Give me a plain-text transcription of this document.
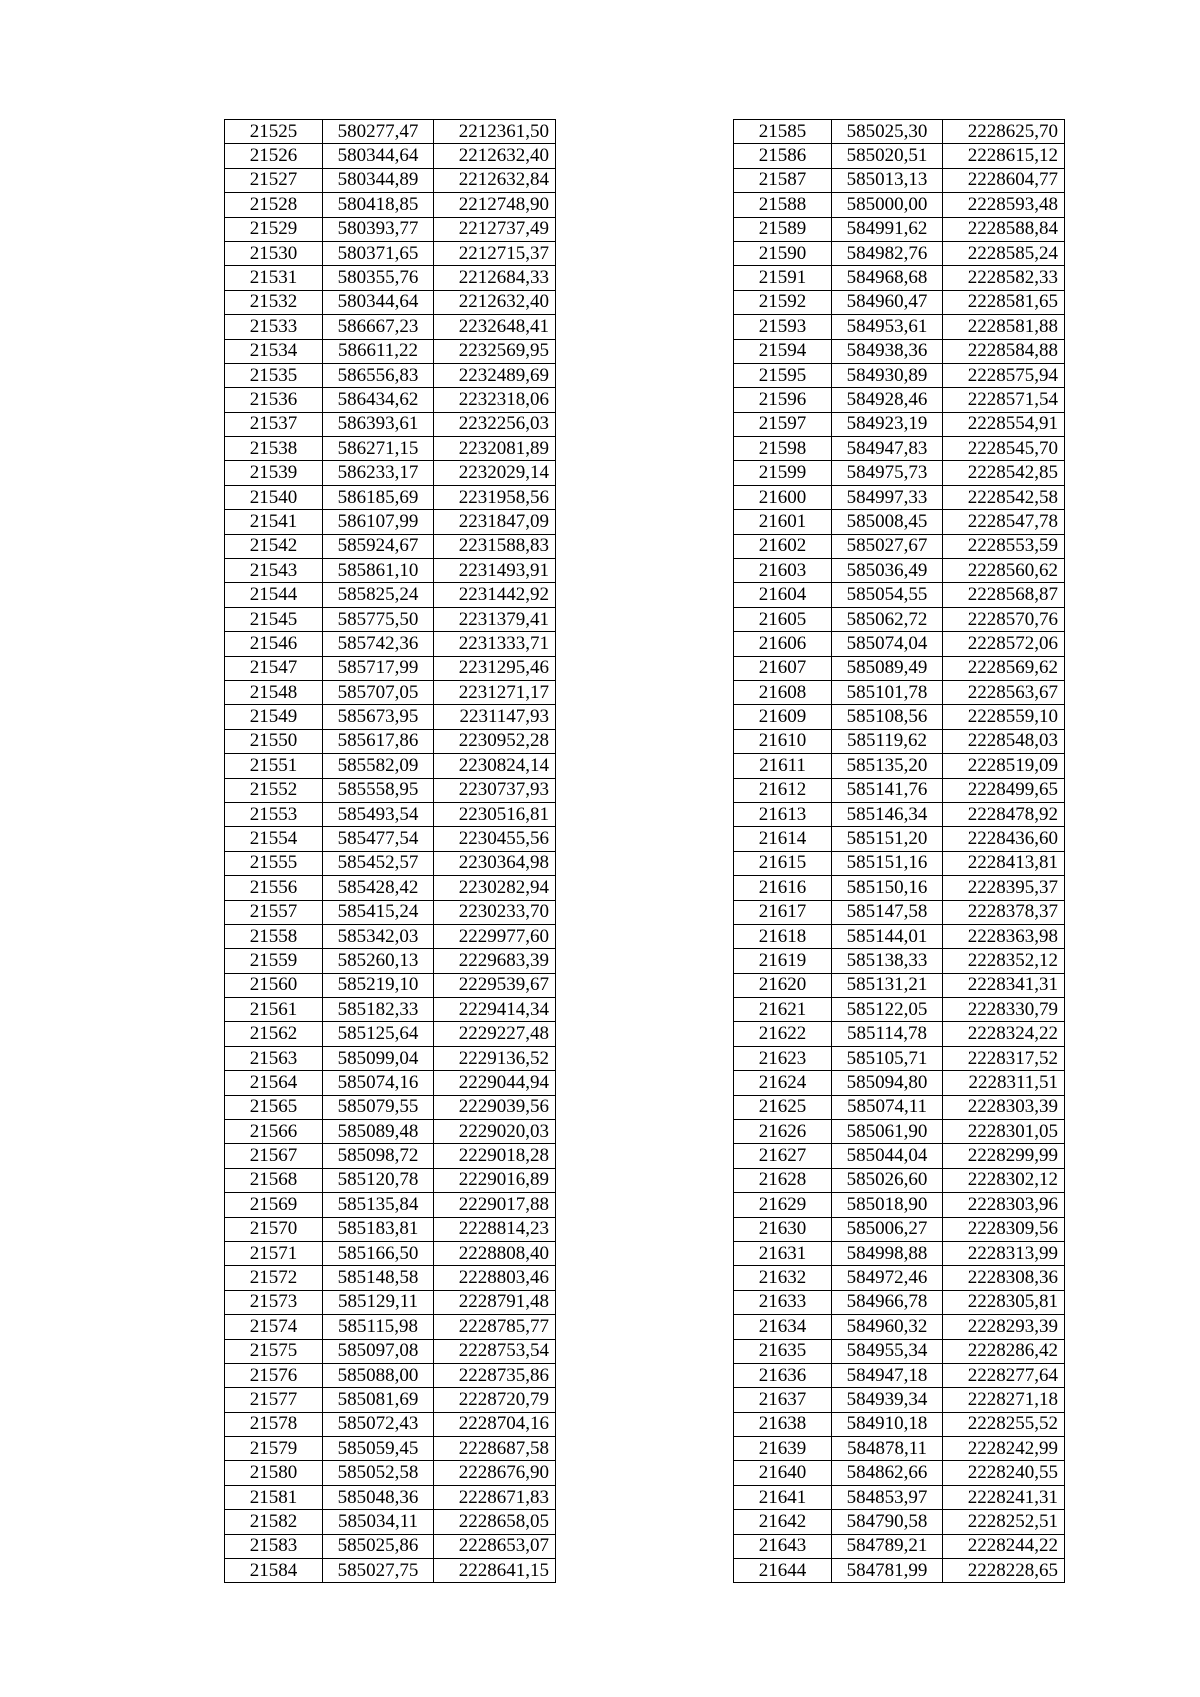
21525	580277,47	2212361,50
21526	580344,64	2212632,40
21527	580344,89	2212632,84
21528	580418,85	2212748,90
21529	580393,77	2212737,49
21530	580371,65	2212715,37
21531	580355,76	2212684,33
21532	580344,64	2212632,40
21533	586667,23	2232648,41
21534	586611,22	2232569,95
21535	586556,83	2232489,69
21536	586434,62	2232318,06
21537	586393,61	2232256,03
21538	586271,15	2232081,89
21539	586233,17	2232029,14
21540	586185,69	2231958,56
21541	586107,99	2231847,09
21542	585924,67	2231588,83
21543	585861,10	2231493,91
21544	585825,24	2231442,92
21545	585775,50	2231379,41
21546	585742,36	2231333,71
21547	585717,99	2231295,46
21548	585707,05	2231271,17
21549	585673,95	2231147,93
21550	585617,86	2230952,28
21551	585582,09	2230824,14
21552	585558,95	2230737,93
21553	585493,54	2230516,81
21554	585477,54	2230455,56
21555	585452,57	2230364,98
21556	585428,42	2230282,94
21557	585415,24	2230233,70
21558	585342,03	2229977,60
21559	585260,13	2229683,39
21560	585219,10	2229539,67
21561	585182,33	2229414,34
21562	585125,64	2229227,48
21563	585099,04	2229136,52
21564	585074,16	2229044,94
21565	585079,55	2229039,56
21566	585089,48	2229020,03
21567	585098,72	2229018,28
21568	585120,78	2229016,89
21569	585135,84	2229017,88
21570	585183,81	2228814,23
21571	585166,50	2228808,40
21572	585148,58	2228803,46
21573	585129,11	2228791,48
21574	585115,98	2228785,77
21575	585097,08	2228753,54
21576	585088,00	2228735,86
21577	585081,69	2228720,79
21578	585072,43	2228704,16
21579	585059,45	2228687,58
21580	585052,58	2228676,90
21581	585048,36	2228671,83
21582	585034,11	2228658,05
21583	585025,86	2228653,07
21584	585027,75	2228641,15
21585	585025,30	2228625,70
21586	585020,51	2228615,12
21587	585013,13	2228604,77
21588	585000,00	2228593,48
21589	584991,62	2228588,84
21590	584982,76	2228585,24
21591	584968,68	2228582,33
21592	584960,47	2228581,65
21593	584953,61	2228581,88
21594	584938,36	2228584,88
21595	584930,89	2228575,94
21596	584928,46	2228571,54
21597	584923,19	2228554,91
21598	584947,83	2228545,70
21599	584975,73	2228542,85
21600	584997,33	2228542,58
21601	585008,45	2228547,78
21602	585027,67	2228553,59
21603	585036,49	2228560,62
21604	585054,55	2228568,87
21605	585062,72	2228570,76
21606	585074,04	2228572,06
21607	585089,49	2228569,62
21608	585101,78	2228563,67
21609	585108,56	2228559,10
21610	585119,62	2228548,03
21611	585135,20	2228519,09
21612	585141,76	2228499,65
21613	585146,34	2228478,92
21614	585151,20	2228436,60
21615	585151,16	2228413,81
21616	585150,16	2228395,37
21617	585147,58	2228378,37
21618	585144,01	2228363,98
21619	585138,33	2228352,12
21620	585131,21	2228341,31
21621	585122,05	2228330,79
21622	585114,78	2228324,22
21623	585105,71	2228317,52
21624	585094,80	2228311,51
21625	585074,11	2228303,39
21626	585061,90	2228301,05
21627	585044,04	2228299,99
21628	585026,60	2228302,12
21629	585018,90	2228303,96
21630	585006,27	2228309,56
21631	584998,88	2228313,99
21632	584972,46	2228308,36
21633	584966,78	2228305,81
21634	584960,32	2228293,39
21635	584955,34	2228286,42
21636	584947,18	2228277,64
21637	584939,34	2228271,18
21638	584910,18	2228255,52
21639	584878,11	2228242,99
21640	584862,66	2228240,55
21641	584853,97	2228241,31
21642	584790,58	2228252,51
21643	584789,21	2228244,22
21644	584781,99	2228228,65
